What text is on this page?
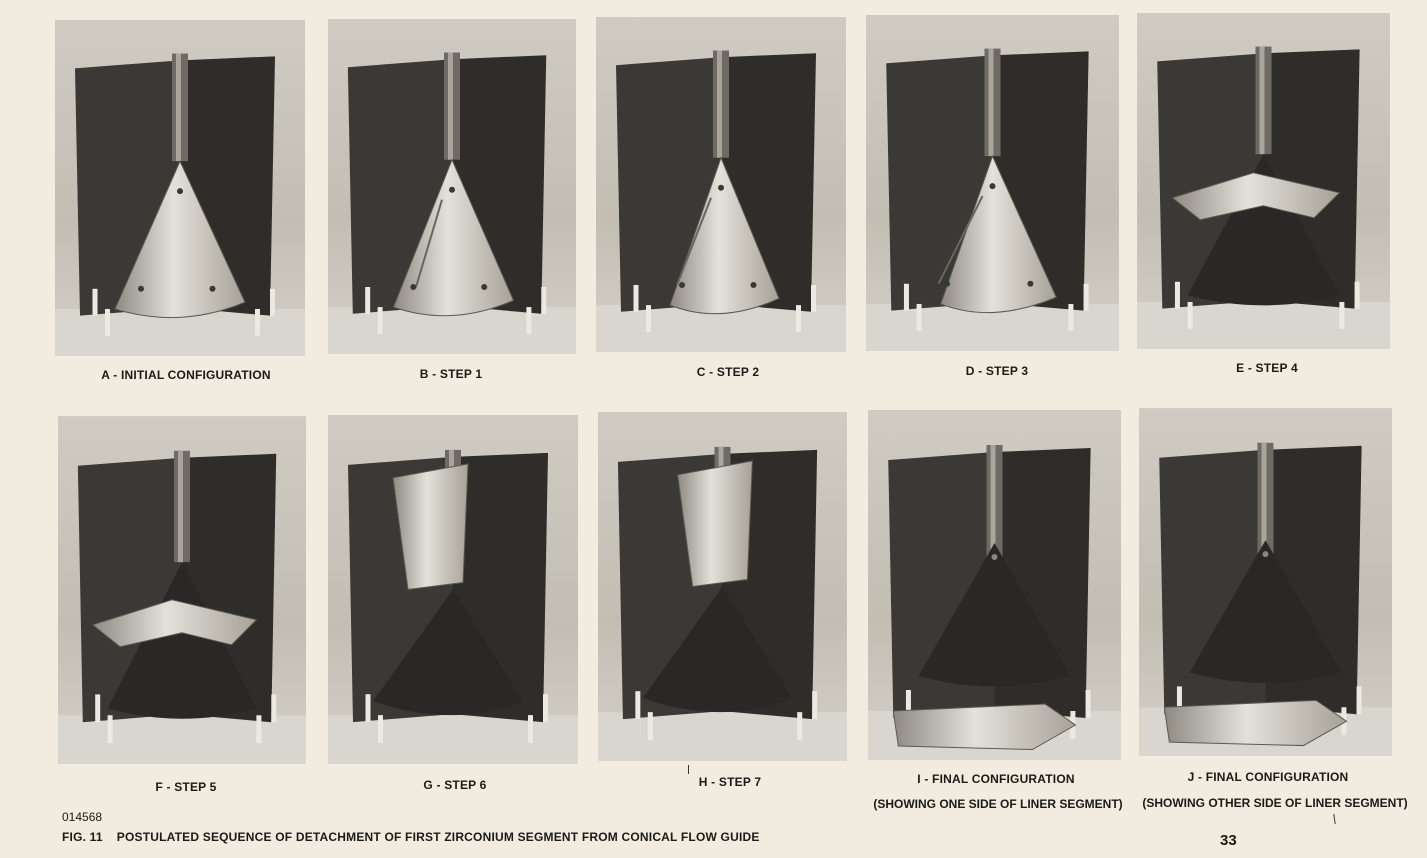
A - INITIAL CONFIGURATION	B - STEP 1	C - STEP 2	D - STEP 3	E - STEP 4
F - STEP 5	G - STEP 6	H - STEP 7	I - FINAL CONFIGURATION
(SHOWING ONE SIDE OF LINER SEGMENT)
J - FINAL CONFIGURATION
(SHOWING OTHER SIDE OF LINER SEGMENT)
014568
FIG. 11 POSTULATED SEQUENCE OF DETACHMENT OF FIRST ZIRCONIUM SEGMENT FROM CONICAL FLOW GUIDE	33
